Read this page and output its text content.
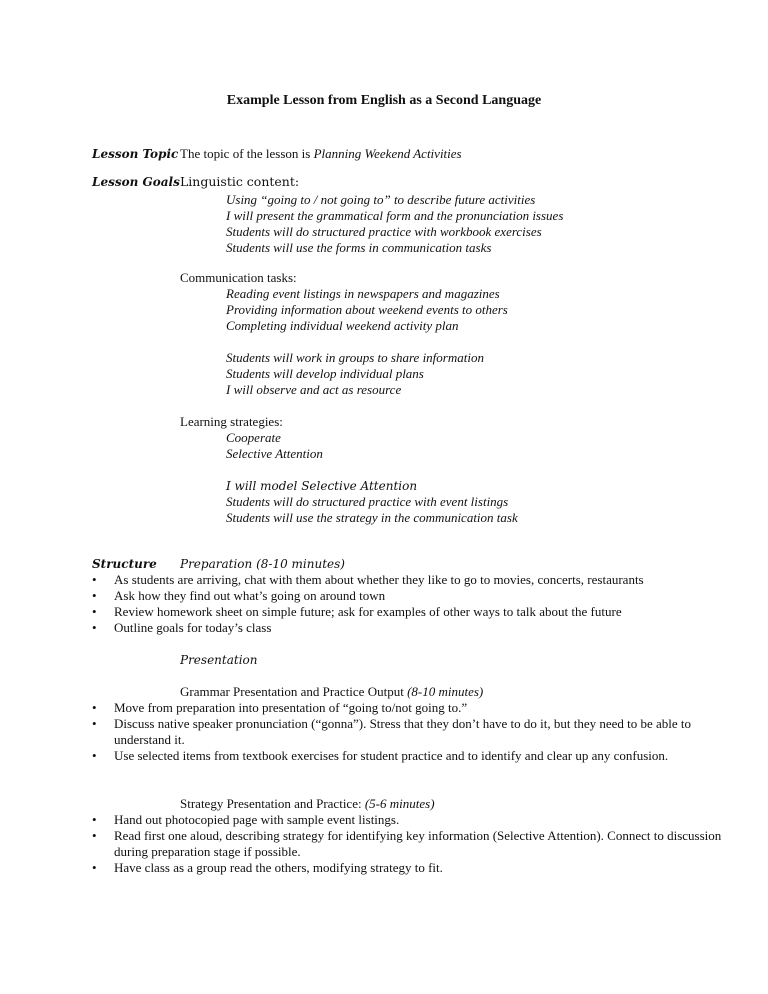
Example Lesson from English as a Second Language
Lesson Topic The topic of the lesson is Planning Weekend Activities
Lesson Goals Linguistic content:
Using “going to / not going to” to describe future activities
I will present the grammatical form and the pronunciation issues
Students will do structured practice with workbook exercises
Students will use the forms in communication tasks
Communication tasks:
Reading event listings in newspapers and magazines
Providing information about weekend events to others
Completing individual weekend activity plan
Students will work in groups to share information
Students will develop individual plans
I will observe and act as resource
Learning strategies:
Cooperate
Selective Attention
I will model Selective Attention
Students will do structured practice with event listings
Students will use the strategy in the communication task
Structure Preparation (8-10 minutes)
• As students are arriving, chat with them about whether they like to go to movies, concerts, restaurants
• Ask how they find out what’s going on around town
• Review homework sheet on simple future; ask for examples of other ways to talk about the future
• Outline goals for today’s class
Presentation
Grammar Presentation and Practice Output (8-10 minutes)
• Move from preparation into presentation of “going to/not going to.”
• Discuss native speaker pronunciation (“gonna”). Stress that they don’t have to do it, but they need to be able to understand it.
• Use selected items from textbook exercises for student practice and to identify and clear up any confusion.
Strategy Presentation and Practice: (5-6 minutes)
• Hand out photocopied page with sample event listings.
• Read first one aloud, describing strategy for identifying key information (Selective Attention). Connect to discussion during preparation stage if possible.
• Have class as a group read the others, modifying strategy to fit.
